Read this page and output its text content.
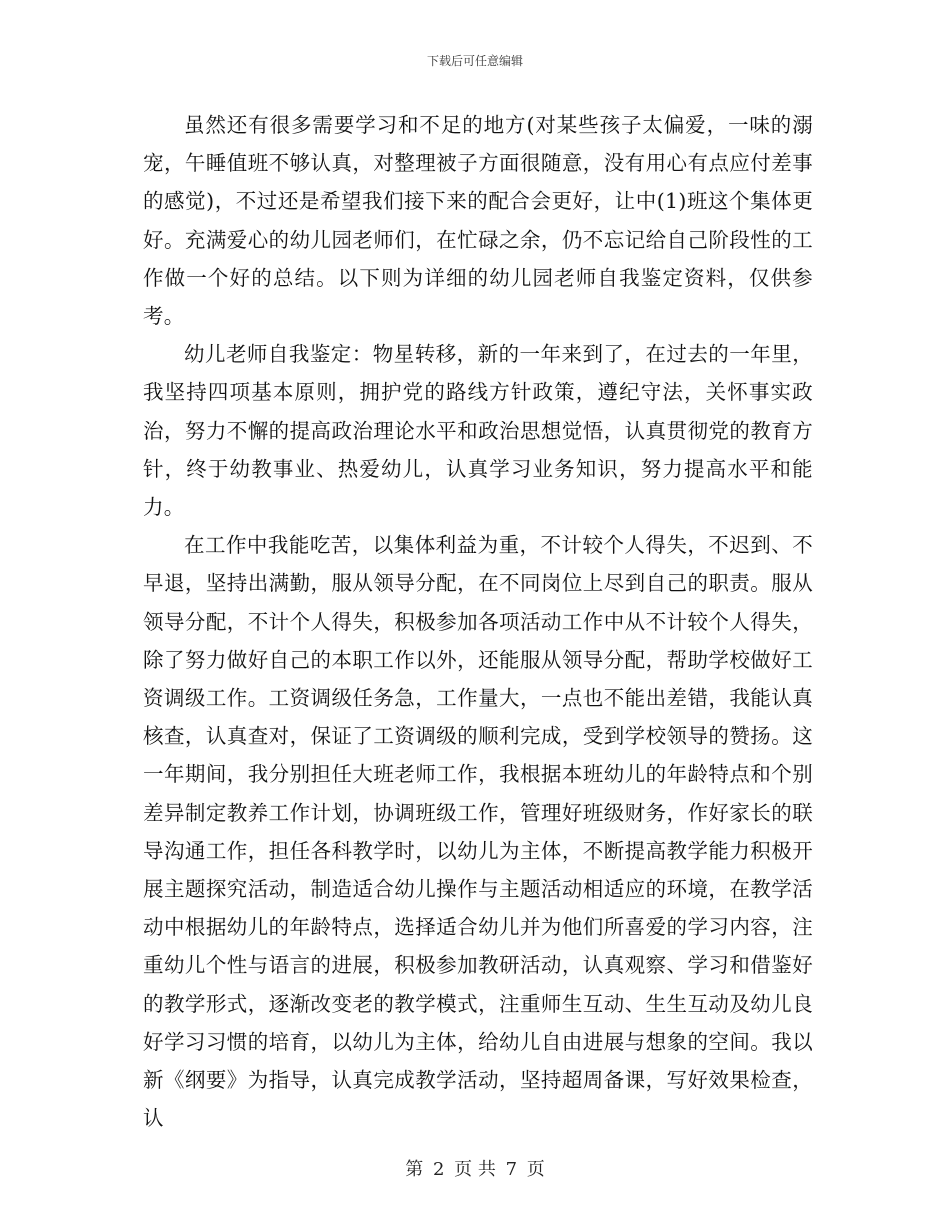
下载后可任意编辑

虽然还有很多需要学习和不足的地方(对某些孩子太偏爱，一味的溺宠，午睡值班不够认真，对整理被子方面很随意，没有用心有点应付差事的感觉)，不过还是希望我们接下来的配合会更好，让中(1)班这个集体更好。充满爱心的幼儿园老师们，在忙碌之余，仍不忘记给自己阶段性的工作做一个好的总结。以下则为详细的幼儿园老师自我鉴定资料，仅供参考。

幼儿老师自我鉴定：物星转移，新的一年来到了，在过去的一年里，我坚持四项基本原则，拥护党的路线方针政策，遵纪守法，关怀事实政治，努力不懈的提高政治理论水平和政治思想觉悟，认真贯彻党的教育方针，终于幼教事业、热爱幼儿，认真学习业务知识，努力提高水平和能力。

在工作中我能吃苦，以集体利益为重，不计较个人得失，不迟到、不早退，坚持出满勤，服从领导分配，在不同岗位上尽到自己的职责。服从领导分配，不计个人得失，积极参加各项活动工作中从不计较个人得失，除了努力做好自己的本职工作以外，还能服从领导分配，帮助学校做好工资调级工作。工资调级任务急，工作量大，一点也不能出差错，我能认真核查，认真查对，保证了工资调级的顺利完成，受到学校领导的赞扬。这一年期间，我分别担任大班老师工作，我根据本班幼儿的年龄特点和个别差异制定教养工作计划，协调班级工作，管理好班级财务，作好家长的联导沟通工作，担任各科教学时，以幼儿为主体，不断提高教学能力积极开展主题探究活动，制造适合幼儿操作与主题活动相适应的环境，在教学活动中根据幼儿的年龄特点，选择适合幼儿并为他们所喜爱的学习内容，注重幼儿个性与语言的进展，积极参加教研活动，认真观察、学习和借鉴好的教学形式，逐渐改变老的教学模式，注重师生互动、生生互动及幼儿良好学习习惯的培育，以幼儿为主体，给幼儿自由进展与想象的空间。我以新《纲要》为指导，认真完成教学活动，坚持超周备课，写好效果检查，认

第 2 页 共 7 页
